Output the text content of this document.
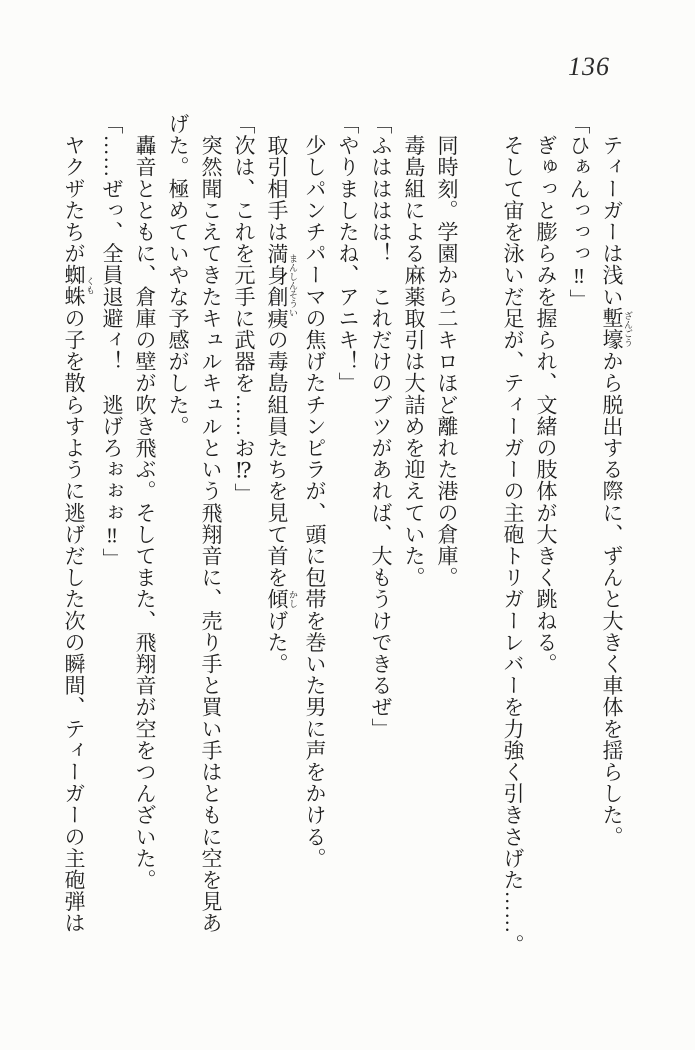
136

　ティーガーは浅い塹壕 ざんごうから脱出する際に、ずんと大きく車体を揺らした。

「ひぁんっっっ‼」

　ぎゅっと膨らみを握られ、文緒の肢体が大きく跳ねる。

　そして宙を泳いだ足が、ティーガーの主砲トリガーレバーを力強く引きさげた……。

　同時刻。学園から二キロほど離れた港の倉庫。

　毒島組による麻薬取引は大詰めを迎えていた。

「ふはははは！　これだけのブツがあれば、大もうけできるぜ」

「やりましたね、アニキ！」

　少しパンチパーマの焦げたチンピラが、頭に包帯を巻いた男に声をかける。

　取引相手は満身創痍 まんしんそういの毒島組員たちを見て首を傾 かしげた。

「次は、これを元手に武器を……お⁉」

　突然聞こえてきたキュルキュルという飛翔音に、売り手と買い手はともに空を見あ

げた。極めていやな予感がした。

　轟音とともに、倉庫の壁が吹き飛ぶ。そしてまた、飛翔音が空をつんざいた。

「……ぜっ、全員退避ィ！　逃げろぉぉぉ‼」

　ヤクザたちが蜘蛛 くもの子を散らすように逃げだした次の瞬間、ティーガーの主砲弾は
